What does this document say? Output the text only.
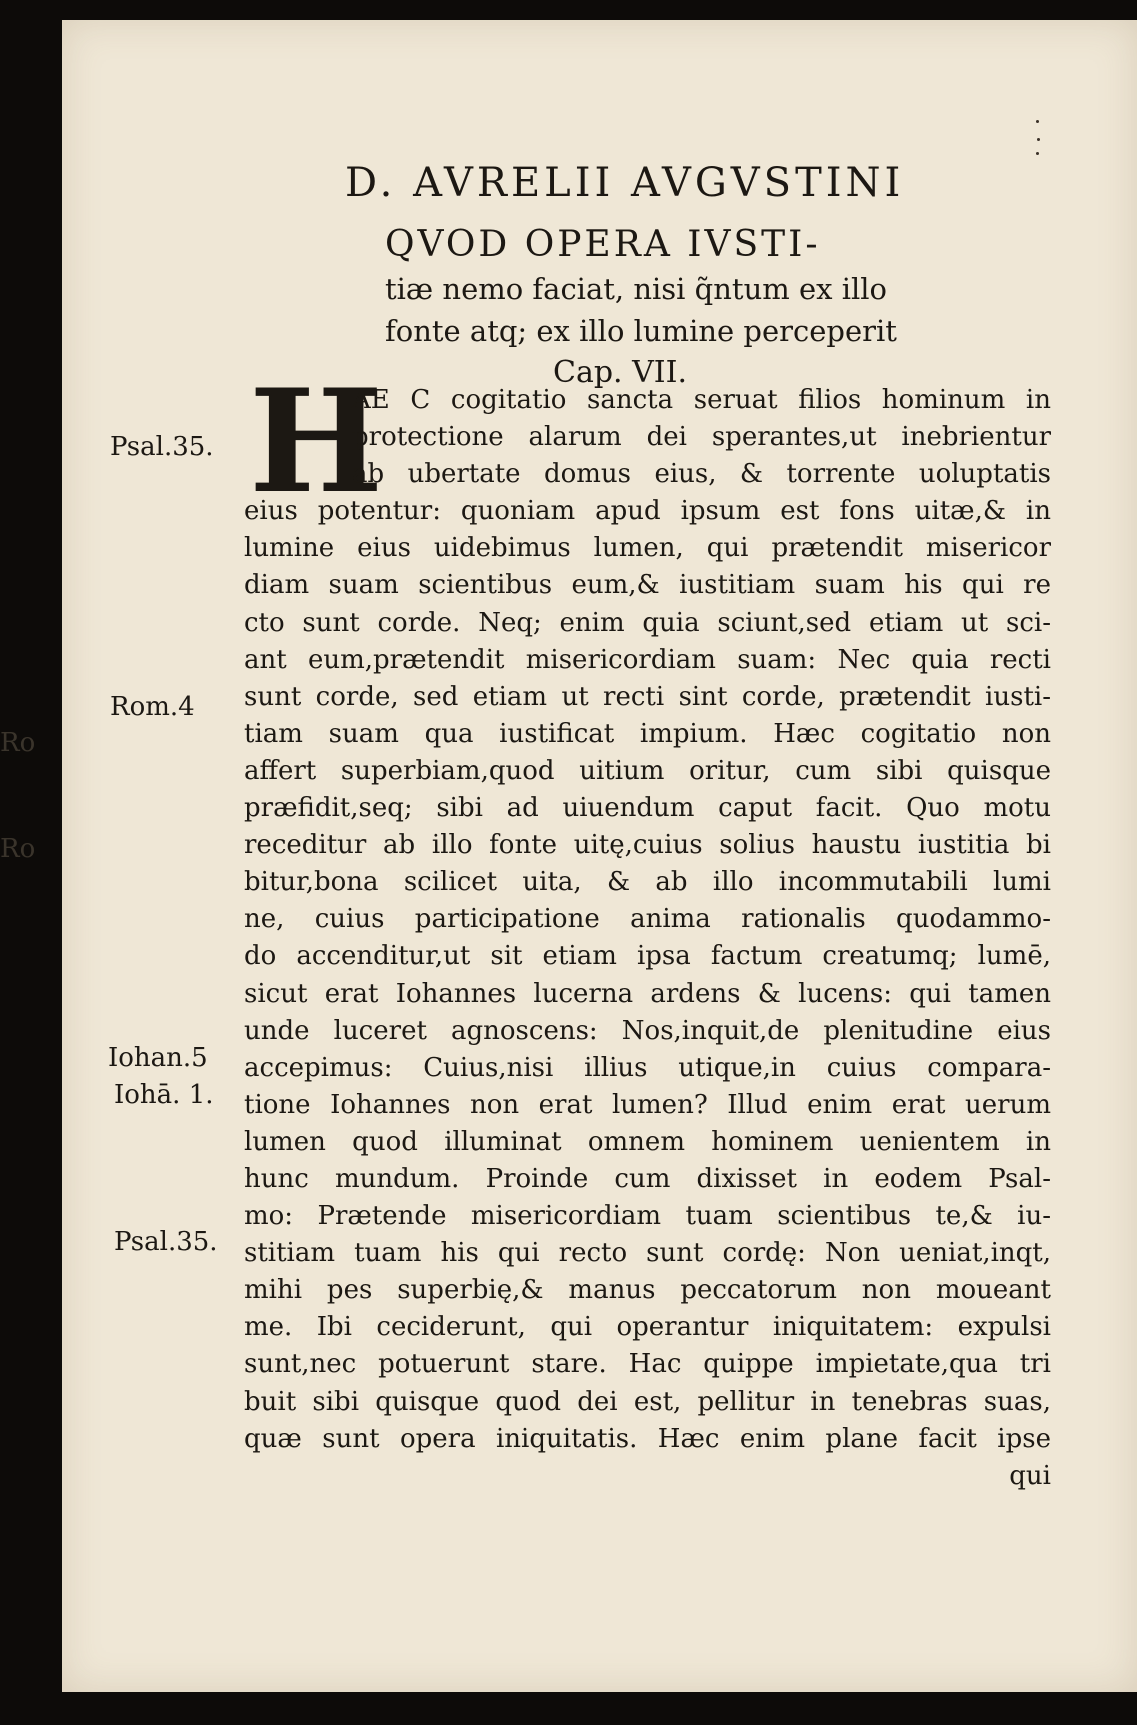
Ro
Ro
D. AVRELII AVGVSTINI
QVOD OPERA IVSTI-
tiæ nemo faciat, nisi q̃ntum ex illo
fonte atq; ex illo lumine perceperit
Cap. VII.
H
Psal.35.
Rom.4
Iohan.5
Iohā. 1.
Psal.35.
AE C cogitatio sancta seruat filios hominum in
protectione alarum dei sperantes,ut inebrientur
ab ubertate domus eius, & torrente uoluptatis
eius potentur: quoniam apud ipsum est fons uitæ,& in
lumine eius uidebimus lumen, qui prætendit misericor
diam suam scientibus eum,& iustitiam suam his qui re
cto sunt corde. Neq; enim quia sciunt,sed etiam ut sci-
ant eum,prætendit misericordiam suam: Nec quia recti
sunt corde, sed etiam ut recti sint corde, prætendit iusti-
tiam suam qua iustificat impium. Hæc cogitatio non
affert superbiam,quod uitium oritur, cum sibi quisque
præfidit,seq; sibi ad uiuendum caput facit. Quo motu
receditur ab illo fonte uitę,cuius solius haustu iustitia bi
bitur,bona scilicet uita, & ab illo incommutabili lumi
ne, cuius participatione anima rationalis quodammo-
do accenditur,ut sit etiam ipsa factum creatumq; lumē,
sicut erat Iohannes lucerna ardens & lucens: qui tamen
unde luceret agnoscens: Nos,inquit,de plenitudine eius
accepimus: Cuius,nisi illius utique,in cuius compara-
tione Iohannes non erat lumen? Illud enim erat uerum
lumen quod illuminat omnem hominem uenientem in
hunc mundum. Proinde cum dixisset in eodem Psal-
mo: Prætende misericordiam tuam scientibus te,& iu-
stitiam tuam his qui recto sunt cordę: Non ueniat,inqt,
mihi pes superbię,& manus peccatorum non moueant
me. Ibi ceciderunt, qui operantur iniquitatem: expulsi
sunt,nec potuerunt stare. Hac quippe impietate,qua tri
buit sibi quisque quod dei est, pellitur in tenebras suas,
quæ sunt opera iniquitatis. Hæc enim plane facit ipse
qui
